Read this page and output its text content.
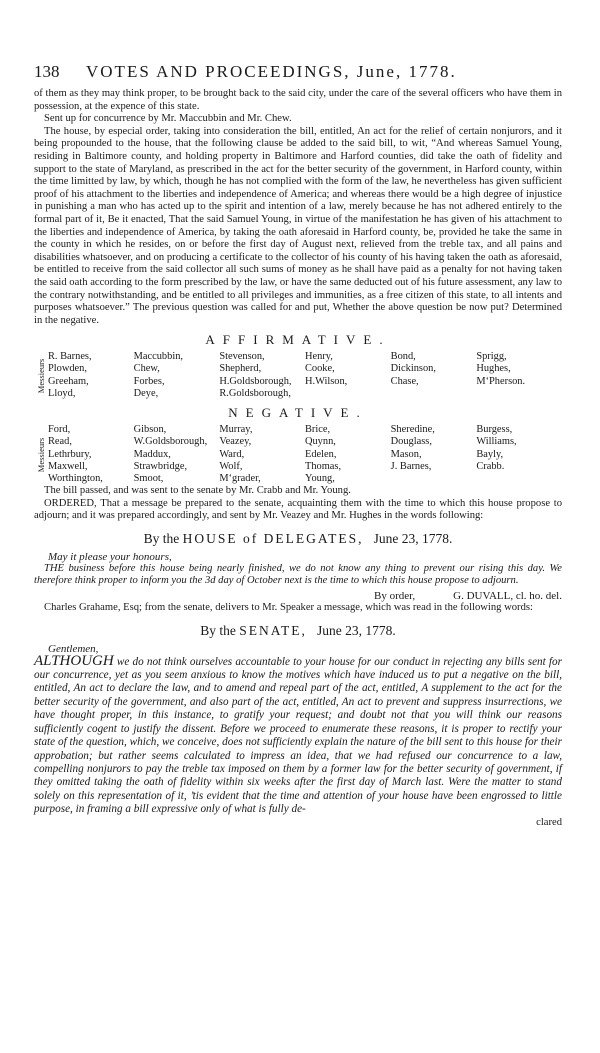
138	VOTES AND PROCEEDINGS, June, 1778.

of them as they may think proper, to be brought back to the said city, under the care of the several officers who have them in possession, at the expence of this state.

Sent up for concurrence by Mr. Maccubbin and Mr. Chew.

The house, by especial order, taking into consideration the bill, entitled, An act for the relief of certain nonjurors, and it being propounded to the house, that the following clause be added to the said bill, to wit, “And whereas Samuel Young, residing in Baltimore county, and holding property in Baltimore and Harford counties, did take the oath of fidelity and support to the state of Maryland, as prescribed in the act for the better security of the government, in Harford county, within the time limitted by law, by which, though he has not complied with the form of the law, he nevertheless has given sufficient proof of his attachment to the liberties and independence of America; and whereas there would be a high degree of injustice in punishing a man who has acted up to the spirit and intention of a law, merely because he has not adhered entirely to the formal part of it, Be it enacted, That the said Samuel Young, in virtue of the manifestation he has given of his attachment to the liberties and independence of America, by taking the oath aforesaid in Harford county, be, provided he take the same in the county in which he resides, on or before the first day of August next, relieved from the treble tax, and all pains and disabilities whatsoever, and on producing a certificate to the collector of his county of his having taken the oath as aforesaid, be entitled to receive from the said collector all such sums of money as he shall have paid as a penalty for not having taken the said oath according to the form prescribed by the law, or have the same deducted out of his future assessment, any law to the contrary notwithstanding, and be entitled to all privileges and immunities, as a free citizen of this state, to all intents and purposes whatsoever.” The previous question was called for and put, Whether the above question be now put? Determined in the negative.

AFFIRMATIVE.
Messieurs
R. Barnes,
Plowden,
Greeham,
Lloyd,
Maccubbin,
Chew,
Forbes,
Deye,
Stevenson,
Shepherd,
H.Goldsborough,
R.Goldsborough,
Henry,
Cooke,
H.Wilson,
Bond,
Dickinson,
Chase,
Sprigg,
Hughes,
M‘Pherson.
NEGATIVE.
Messieurs
Ford,
Read,
Lethrbury,
Maxwell,
Worthington,
Gibson,
W.Goldsborough,
Maddux,
Strawbridge,
Smoot,
Murray,
Veazey,
Ward,
Wolf,
M‘grader,
Brice,
Quynn,
Edelen,
Thomas,
Young,
Sheredine,
Douglass,
Mason,
J. Barnes,
Burgess,
Williams,
Bayly,
Crabb.

The bill passed, and was sent to the senate by Mr. Crabb and Mr. Young.

ORDERED, That a message be prepared to the senate, acquainting them with the time to which this house propose to adjourn; and it was prepared accordingly, and sent by Mr. Veazey and Mr. Hughes in the words following:

By the HOUSE of DELEGATES, June 23, 1778.
May it please your honours,

THE business before this house being nearly finished, we do not know any thing to prevent our rising this day. We therefore think proper to inform you the 3d day of October next is the time to which this house propose to adjourn.

By order,	G. DUVALL, cl. ho. del.

Charles Grahame, Esq; from the senate, delivers to Mr. Speaker a message, which was read in the following words:

By the SENATE, June 23, 1778.
Gentlemen,

ALTHOUGH we do not think ourselves accountable to your house for our conduct in rejecting any bills sent for our concurrence, yet as you seem anxious to know the motives which have induced us to put a negative on the bill, entitled, An act to declare the law, and to amend and repeal part of the act, entitled, A supplement to the act for the better security of the government, and also part of the act, entitled, An act to prevent and suppress insurrections, we have thought proper, in this instance, to gratify your request; and doubt not that you will think our reasons sufficiently cogent to justify the dissent. Before we proceed to enumerate these reasons, it is proper to rectify your state of the question, which, we conceive, does not sufficiently explain the nature of the bill sent to this house for their approbation; but rather seems calculated to impress an idea, that we had refused our concurrence to a law, compelling nonjurors to pay the treble tax imposed on them by a former law for the better security of government, if they omitted taking the oath of fidelity within six weeks after the first day of March last. Were the matter to stand solely on this representation of it, ’tis evident that the time and attention of your house have been engrossed to little purpose, in framing a bill expressive only of what is fully de-

clared
